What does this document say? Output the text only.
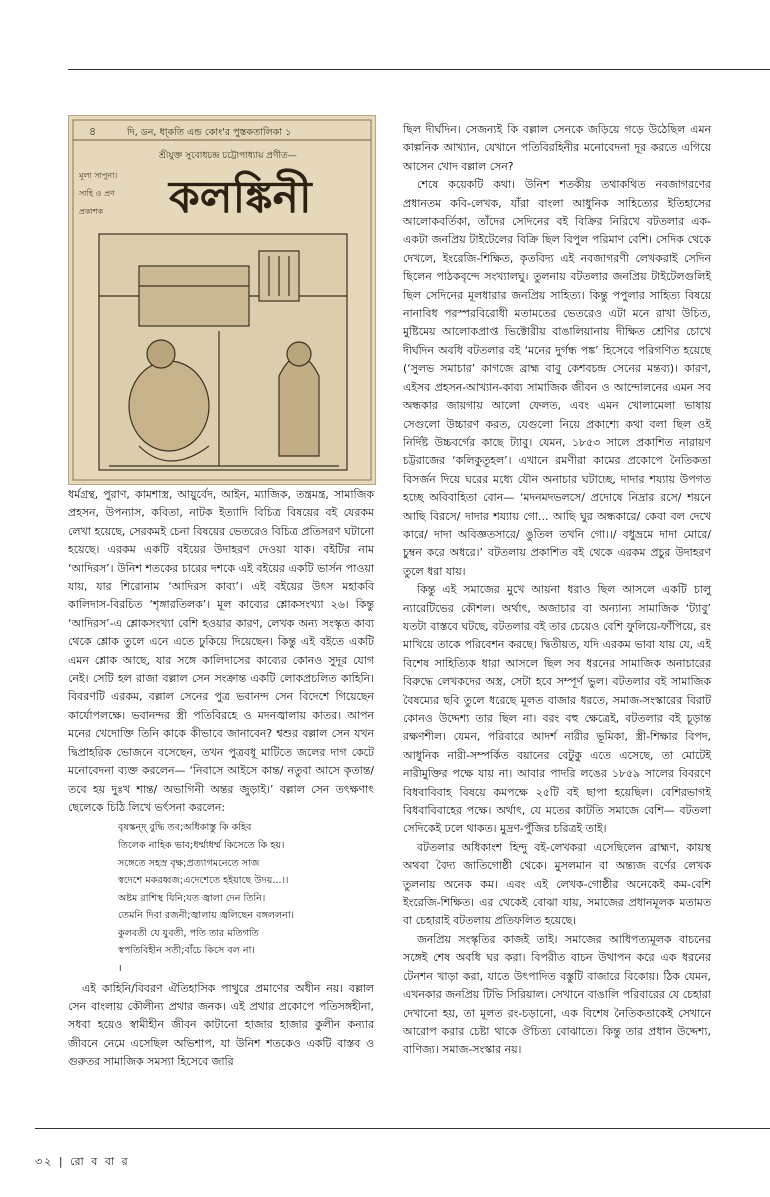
৪	দি, ডন, ধা্কতি এন্ড কোং'র পুস্তকতালিকা ১
শ্রীযুক্ত সুবোধচন্দ্র চট্টোপাধ্যায় প্রণীত—
মূল্য সাপুনা।
সাহি ও প্রণ
প্রকাশক কলঙ্কিনী

ধর্মগ্রন্থ, পুরাণ, কামশাস্ত্র, আয়ুর্বেদ, আইন, ম্যাজিক, তন্ত্রমন্ত্র, সামাজিক প্রহসন, উপন্যাস, কবিতা, নাটক ইত্যাদি বিচিত্র বিষয়ের বই যেরকম লেখা হয়েছে, সেরকমই চেনা বিষয়ের ভেতরেও বিচিত্র প্রতিসরণ ঘটানো হয়েছে। এরকম একটি বইয়ের উদাহরণ দেওয়া যাক। বইটির নাম ‘আদিরস’। উনিশ শতকের চারের দশকে এই বইয়ের একটি ভার্সন পাওয়া যায়, যার শিরোনাম ‘আদিরস কাব্য’। এই বইয়ের উৎস মহাকবি কালিদাস-বিরচিত ‘শৃঙ্গারতিলক’। মূল কাব্যের শ্লোকসংখ্যা ২৬। কিন্তু ‘আদিরস’-এ শ্লোকসংখ্যা বেশি হওয়ার কারণ, লেখক অন্য সংস্কৃত কাব্য থেকে শ্লোক তুলে এনে এতে ঢুকিয়ে দিয়েছেন। কিন্তু এই বইতে একটি এমন শ্লোক আছে, যার সঙ্গে কালিদাসের কাব্যের কোনও সুদূর যোগ নেই। সেটি হল রাজা বল্লাল সেন সংক্রান্ত একটি লোকপ্রচলিত কাহিনি। বিবরণটি এরকম, বল্লাল সেনের পুত্র ভবানন্দ সেন বিদেশে গিয়েছেন কার্যোপলক্ষে। ভবানন্দর স্ত্রী পতিবিরহে ও মদনজ্বালায় কাতর। আপন মনের খেদোক্তি তিনি কাকে কীভাবে জানাবেন? শ্বশুর বল্লাল সেন যখন দ্বিপ্রাহরিক ভোজনে বসেছেন, তখন পুত্রবধূ মাটিতে জলের দাগ কেটে মনোবেদনা ব্যক্ত করলেন— ‘নিবাসে আইসে কান্ত/ নতুবা আসে কৃতান্ত/ তবে হয় দুঃখ শান্ত/ অভাগিনী অন্তর জুড়াই।’ বল্লাল সেন তৎক্ষণাৎ ছেলেকে চিঠি লিখে ভর্ৎসনা করলেন:

বৃষস্কন্দ্ বুদ্ধি তব;অধিকাস্তু কি কহিব
তিলেক নাহিক ভাব;ধৰ্ম্মাধৰ্ম্ম কিসেতে কি হয়।
সঙ্গেতে সহস্র বৃক্ষ;প্রত্যাগমনেতে সাজ
স্বদেশে মকরধ্বজ;এদেশেতে হইয়াছে উদয়...।।
অষ্টম রাশিস্থ যিনি;যত জ্বালা দেন তিনি।
তেমনি দিবা রজনী;জ্বালায় জ্বলিছেন বঙ্গললনা।
কুলবতী যে যুবতী, পতি তার মতিগতি
স্বপতিবিহীন সতী;বাঁচে কিসে বল না।
।

এই কাহিনি/বিবরণ ঐতিহাসিক পাথুরে প্রমাণের অধীন নয়। বল্লাল সেন বাংলায় কৌলীন্য প্রথার জনক। এই প্রথার প্রকোপে পতিসঙ্গহীনা, সধবা হয়েও স্বামীহীন জীবন কাটানো হাজার হাজার কুলীন কন্যার জীবনে নেমে এসেছিল অভিশাপ, যা উনিশ শতকেও একটি বাস্তব ও গুরুতর সামাজিক সমস্যা হিসেবে জারি

ছিল দীর্ঘদিন। সেজন্যই কি বল্লাল সেনকে জড়িয়ে গড়ে উঠেছিল এমন কাল্পনিক আখ্যান, যেখানে পতিবিরহিনীর মনোবেদনা দূর করতে এগিয়ে আসেন খোদ বল্লাল সেন?

শেষে কয়েকটি কথা। উনিশ শতকীয় তথাকথিত নবজাগরণের প্রধানতম কবি-লেখক, যাঁরা বাংলা আধুনিক সাহিত্যের ইতিহাসের আলোকবর্তিকা, তাঁদের সেদিনের বই বিক্রির নিরিখে বটতলার এক-একটা জনপ্রিয় টাইটেলের বিক্রি ছিল বিপুল পরিমাণ বেশি। সেদিক থেকে দেখলে, ইংরেজি-শিক্ষিত, কৃতবিদ্য এই নবজাগরণী লেখকরাই সেদিন ছিলেন পাঠকবৃন্দে সংখ্যালঘু। তুলনায় বটতলার জনপ্রিয় টাইটেলগুলিই ছিল সেদিনের মূলধারার জনপ্রিয় সাহিত্য। কিন্তু পপুলার সাহিত্য বিষয়ে নানাবিধ পরস্পরবিরোধী মতামতের ভেতরেও এটা মনে রাখা উচিত, মুষ্টিমেয় আলোকপ্রাপ্ত ভিক্টোরীয় বাঙালিয়ানায় দীক্ষিত শ্রেণির চোখে দীর্ঘদিন অবধি বটতলার বই ‘মনের দুর্গন্ধ পঙ্ক’ হিসেবে পরিগণিত হয়েছে (‘সুলভ সমাচার’ কাগজে ব্রাহ্ম বাবু কেশবচন্দ্র সেনের মন্তব্য)। কারণ, এইসব প্রহসন-আখ্যান-কাব্য সামাজিক জীবন ও আন্দোলনের এমন সব অন্ধকার জায়গায় আলো ফেলত, এবং এমন খোলামেলা ভাষায় সেগুলো উচ্চারণ করত, যেগুলো নিয়ে প্রকাশ্যে কথা বলা ছিল ওই নির্দিষ্ট উচ্চবর্গের কাছে ট্যাবু। যেমন, ১৮৫৩ সালে প্রকাশিত নারায়ণ চট্টরাজের ‘কলিকুতূহল’। এখানে রমণীরা কামের প্রকোপে নৈতিকতা বিসর্জন দিয়ে ঘরের মধ্যে যৌন অনাচার ঘটাচ্ছে, দাদার শয্যায় উপগত হচ্ছে অবিবাহিতা বোন— ‘মদনমদভলসে/ প্রদোষে নিদ্রার রসে/ শয়নে আছি বিরসে/ দাদার শয্যায় গো... আছি ঘুর অন্ধকারে/ কেবা বল দেখে কারে/ দাদা অবিজ্ঞতসারে/ ঙুতিল তখনি গো।।/ বধুভ্রমে দাদা মোরে/ চুম্বন করে অধরে।’ বটতলায় প্রকাশিত বই থেকে এরকম প্রচুর উদাহরণ তুলে ধরা যায়।

কিন্তু এই সমাজের মুখে আয়না ধরাও ছিল আসলে একটি চালু ন্যারেটিভের কৌশল। অর্থাৎ, অজাচার বা অন্যান্য সামাজিক ‘ট্যাবু’ যতটা বাস্তবে ঘটছে, বটতলার বই তার চেয়েও বেশি ফুলিয়ে-ফাঁপিয়ে, রং মাখিয়ে তাকে পরিবেশন করছে। দ্বিতীয়ত, যদি এরকম ভাবা যায় যে, এই বিশেষ সাহিত্যিক ধারা আসলে ছিল সব ধরনের সামাজিক অনাচারের বিরুদ্ধে লেখকদের অস্ত্র, সেটা হবে সম্পূর্ণ ভুল। বটতলার বই সামাজিক বৈষম্যের ছবি তুলে ধরেছে মূলত বাজার ধরতে, সমাজ-সংস্কারের বিরাট কোনও উদ্দেশ্য তার ছিল না। বরং বহু ক্ষেত্রেই, বটতলার বই চূড়ান্ত রক্ষণশীল। যেমন, পরিবারে আদর্শ নারীর ভূমিকা, স্ত্রী-শিক্ষার বিপদ, আধুনিক নারী-সম্পর্কিত বয়ানের বেটুকু এতে এসেছে, তা মোটেই নারীমুক্তির পক্ষে যায় না। আবার পাদরি লঙের ১৮৫৯ সালের বিবরণে বিধবাবিবাহ বিষয়ে কমপক্ষে ২৫টি বই ছাপা হয়েছিল। বেশিরভাগই বিধবাবিবাহের পক্ষে। অর্থাৎ, যে মতের কাটতি সমাজে বেশি— বটতলা সেদিকেই ঢলে থাকত। মুদ্রণ-পুঁজির চরিত্রই তাই।

বটতলার অধিকাংশ হিন্দু বই-লেখকরা এসেছিলেন ব্রাহ্মণ, কায়স্থ অথবা বৈদ্য জাতিগোষ্ঠী থেকে। মুসলমান বা অন্ত্যজ বর্ণের লেখক তুলনায় অনেক কম। এবং এই লেখক-গোষ্ঠীর অনেকেই কম-বেশি ইংরেজি-শিক্ষিত। এর থেকেই বোঝা যায়, সমাজের প্রধানমূলক মতামত বা চেহারাই বটতলায় প্রতিফলিত হয়েছে।

জনপ্রিয় সংস্কৃতির কাজই তাই। সমাজের আধিপত্যমূলক বাচনের সঙ্গেই শেষ অবধি ঘর করা। বিপরীত বাচন উথাপন করে এক ধরনের টেনশন খাড়া করা, যাতে উৎপাদিত বস্তুটি বাজারে বিকোয়। ঠিক যেমন, এখনকার জনপ্রিয় টিভি সিরিয়াল। সেখানে বাঙালি পরিবারের যে চেহারা দেখানো হয়, তা মূলত রং-চড়ানো, এক বিশেষ নৈতিকতাকেই সেখানে আরোপ করার চেষ্টা থাকে ঔচিত্য বোঝাতে। কিন্তু তার প্রধান উদ্দেশ্য, বাণিজ্য। সমাজ-সংস্কার নয়।

৩২ | রো ব বা র
